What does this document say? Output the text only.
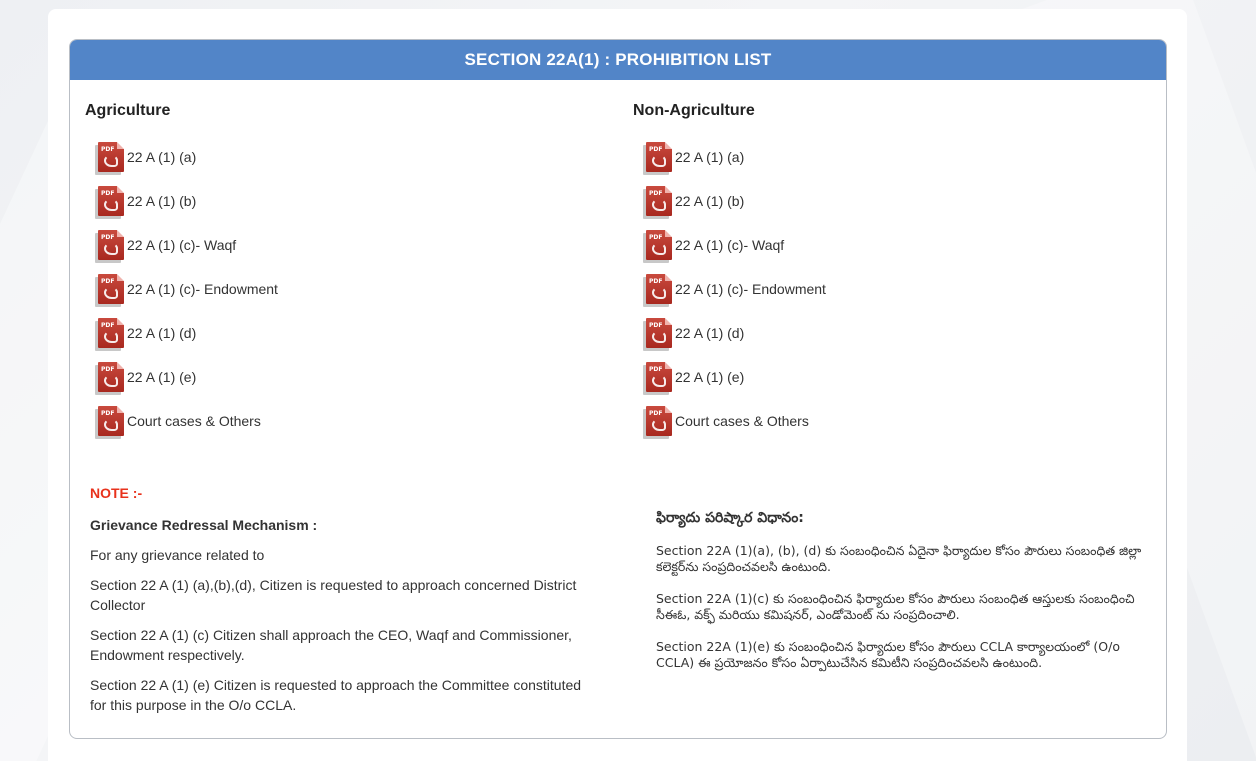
SECTION 22A(1) : PROHIBITION LIST
Agriculture
PDF 22 A (1) (a)
PDF 22 A (1) (b)
PDF 22 A (1) (c)- Waqf
PDF 22 A (1) (c)- Endowment
PDF 22 A (1) (d)
PDF 22 A (1) (e)
PDF Court cases & Others
Non-Agriculture
PDF 22 A (1) (a)
PDF 22 A (1) (b)
PDF 22 A (1) (c)- Waqf
PDF 22 A (1) (c)- Endowment
PDF 22 A (1) (d)
PDF 22 A (1) (e)
PDF Court cases & Others
NOTE :-

Grievance Redressal Mechanism :

For any grievance related to

Section 22 A (1) (a),(b),(d), Citizen is requested to approach concerned District Collector

Section 22 A (1) (c) Citizen shall approach the CEO, Waqf and Commissioner, Endowment respectively.

Section 22 A (1) (e) Citizen is requested to approach the Committee constituted for this purpose in the O/o CCLA.

ఫిర్యాదు పరిష్కార విధానం:

Section 22A (1)(a), (b), (d) కు సంబంధించిన ఏదైనా ఫిర్యాదుల కోసం పౌరులు సంబంధిత జిల్లా కలెక్టర్‌ను సంప్రదించవలసి ఉంటుంది.

Section 22A (1)(c) కు సంబంధించిన ఫిర్యాదుల కోసం పౌరులు సంబంధిత ఆస్తులకు సంబంధించి సీఈఓ, వక్ఫ్ మరియు కమిషనర్, ఎండోమెంట్ ను సంప్రదించాలి.

Section 22A (1)(e) కు సంబంధించిన ఫిర్యాదుల కోసం పౌరులు CCLA కార్యాలయంలో (O/o CCLA) ఈ ప్రయోజనం కోసం ఏర్పాటుచేసిన కమిటీని సంప్రదించవలసి ఉంటుంది.
